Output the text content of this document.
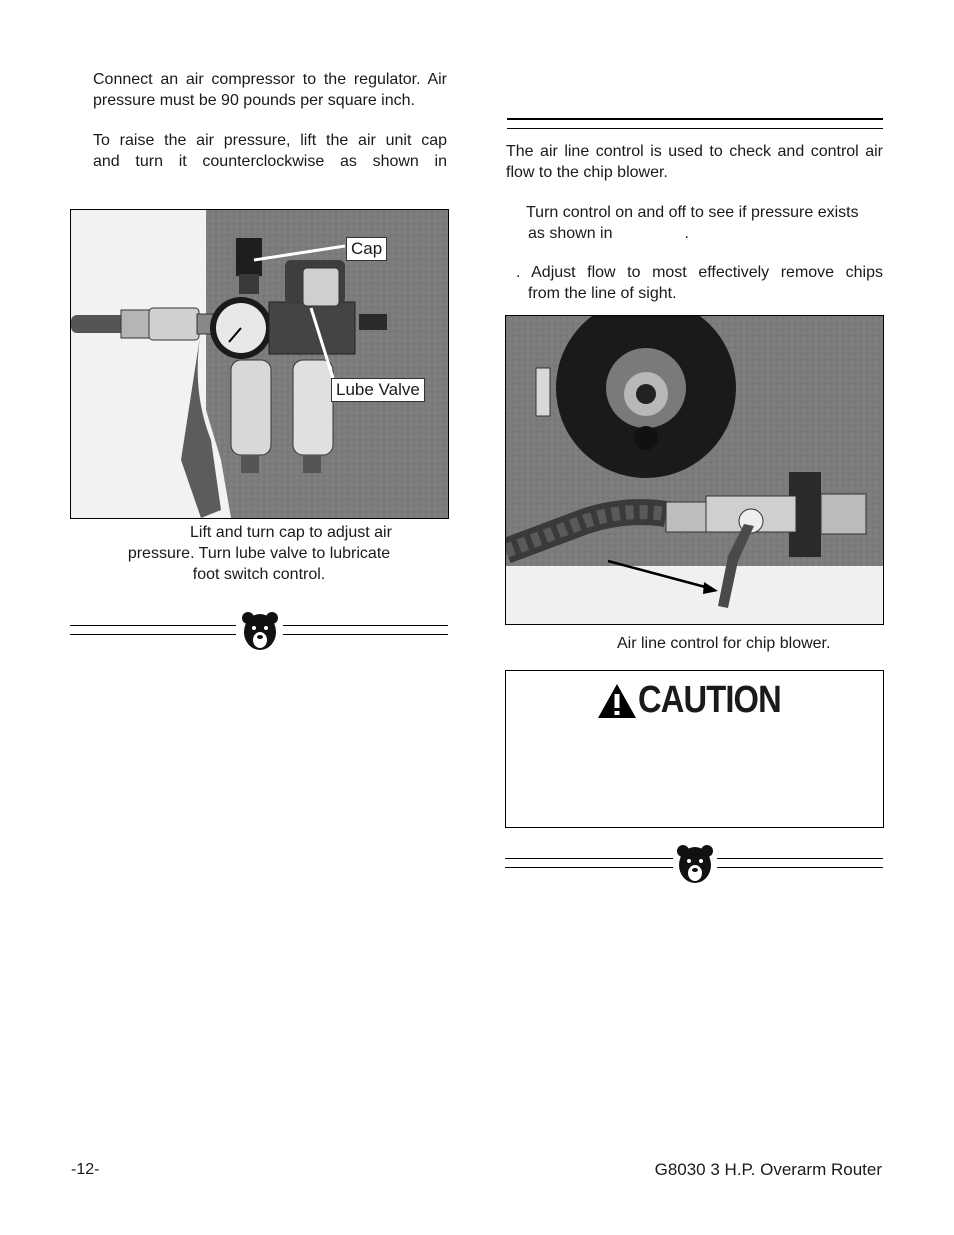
Connect an air compressor to the regulator. Air
pressure must be 90 pounds per square inch.
To raise the air pressure, lift the air unit cap
and turn it counterclockwise as shown in
Cap
Lube Valve
Lift and turn cap to adjust air
pressure. Turn lube valve to lubricate
foot switch control.
The air line control is used to check and control air
flow to the chip blower.
Turn control on and off to see if pressure exists
as shown in	.
. Adjust flow to most effectively remove chips
from the line of sight.
Air line control for chip blower.
CAUTION
-12-	G8030 3 H.P. Overarm Router
